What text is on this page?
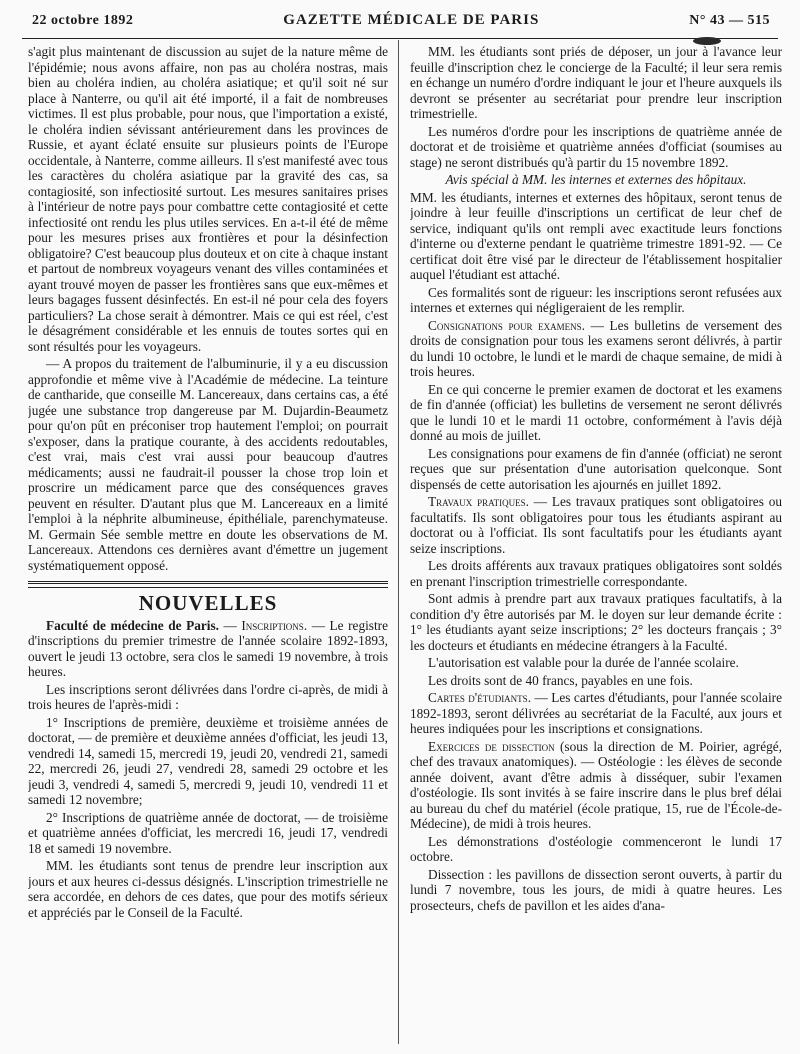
22 octobre 1892	GAZETTE MÉDICALE DE PARIS	N° 43 — 515

s'agit plus maintenant de discussion au sujet de la nature même de l'épidémie; nous avons affaire, non pas au choléra nostras, mais bien au choléra indien, au choléra asiatique; et qu'il soit né sur place à Nanterre, ou qu'il ait été importé, il a fait de nombreuses victimes. Il est plus probable, pour nous, que l'importation a existé, le choléra indien sévissant antérieurement dans les provinces de Russie, et ayant éclaté ensuite sur plusieurs points de l'Europe occidentale, à Nanterre, comme ailleurs. Il s'est manifesté avec tous les caractères du choléra asiatique par la gravité des cas, sa contagiosité, son infectiosité surtout. Les mesures sanitaires prises à l'intérieur de notre pays pour combattre cette contagiosité et cette infectiosité ont rendu les plus utiles services. En a-t-il été de même pour les mesures prises aux frontières et pour la désinfection obligatoire? C'est beaucoup plus douteux et on cite à chaque instant et partout de nombreux voyageurs venant des villes contaminées et ayant trouvé moyen de passer les frontières sans que eux-mêmes et leurs bagages fussent désinfectés. En est-il né pour cela des foyers particuliers? La chose serait à démontrer. Mais ce qui est réel, c'est le désagrément considérable et les ennuis de toutes sortes qui en sont résultés pour les voyageurs.

— A propos du traitement de l'albuminurie, il y a eu discussion approfondie et même vive à l'Académie de médecine. La teinture de cantharide, que conseille M. Lancereaux, dans certains cas, a été jugée une substance trop dangereuse par M. Dujardin-Beaumetz pour qu'on pût en préconiser trop hautement l'emploi; on pourrait s'exposer, dans la pratique courante, à des accidents redoutables, c'est vrai, mais c'est vrai aussi pour beaucoup d'autres médicaments; aussi ne faudrait-il pousser la chose trop loin et proscrire un médicament parce que des conséquences graves peuvent en résulter. D'autant plus que M. Lancereaux en a limité l'emploi à la néphrite albumineuse, épithéliale, parenchymateuse. M. Germain Sée semble mettre en doute les observations de M. Lancereaux. Attendons ces dernières avant d'émettre un jugement systématiquement opposé.

NOUVELLES

Faculté de médecine de Paris. — Inscriptions. — Le registre d'inscriptions du premier trimestre de l'année scolaire 1892-1893, ouvert le jeudi 13 octobre, sera clos le samedi 19 novembre, à trois heures.

Les inscriptions seront délivrées dans l'ordre ci-après, de midi à trois heures de l'après-midi :

1° Inscriptions de première, deuxième et troisième années de doctorat, — de première et deuxième années d'officiat, les jeudi 13, vendredi 14, samedi 15, mercredi 19, jeudi 20, vendredi 21, samedi 22, mercredi 26, jeudi 27, vendredi 28, samedi 29 octobre et les jeudi 3, vendredi 4, samedi 5, mercredi 9, jeudi 10, vendredi 11 et samedi 12 novembre;

2° Inscriptions de quatrième année de doctorat, — de troisième et quatrième années d'officiat, les mercredi 16, jeudi 17, vendredi 18 et samedi 19 novembre.

MM. les étudiants sont tenus de prendre leur inscription aux jours et aux heures ci-dessus désignés. L'inscription trimestrielle ne sera accordée, en dehors de ces dates, que pour des motifs sérieux et appréciés par le Conseil de la Faculté.

MM. les étudiants sont priés de déposer, un jour à l'avance leur feuille d'inscription chez le concierge de la Faculté; il leur sera remis en échange un numéro d'ordre indiquant le jour et l'heure auxquels ils devront se présenter au secrétariat pour prendre leur inscription trimestrielle.

Les numéros d'ordre pour les inscriptions de quatrième année de doctorat et de troisième et quatrième années d'officiat (soumises au stage) ne seront distribués qu'à partir du 15 novembre 1892.

Avis spécial à MM. les internes et externes des hôpitaux.

MM. les étudiants, internes et externes des hôpitaux, seront tenus de joindre à leur feuille d'inscriptions un certificat de leur chef de service, indiquant qu'ils ont rempli avec exactitude leurs fonctions d'interne ou d'externe pendant le quatrième trimestre 1891-92. — Ce certificat doit être visé par le directeur de l'établissement hospitalier auquel l'étudiant est attaché.

Ces formalités sont de rigueur: les inscriptions seront refusées aux internes et externes qui négligeraient de les remplir.

Consignations pour examens. — Les bulletins de versement des droits de consignation pour tous les examens seront délivrés, à partir du lundi 10 octobre, le lundi et le mardi de chaque semaine, de midi à trois heures.

En ce qui concerne le premier examen de doctorat et les examens de fin d'année (officiat) les bulletins de versement ne seront délivrés que le lundi 10 et le mardi 11 octobre, conformément à l'avis déjà donné au mois de juillet.

Les consignations pour examens de fin d'année (officiat) ne seront reçues que sur présentation d'une autorisation quelconque. Sont dispensés de cette autorisation les ajournés en juillet 1892.

Travaux pratiques. — Les travaux pratiques sont obligatoires ou facultatifs. Ils sont obligatoires pour tous les étudiants aspirant au doctorat ou à l'officiat. Ils sont facultatifs pour les étudiants ayant seize inscriptions.

Les droits afférents aux travaux pratiques obligatoires sont soldés en prenant l'inscription trimestrielle correspondante.

Sont admis à prendre part aux travaux pratiques facultatifs, à la condition d'y être autorisés par M. le doyen sur leur demande écrite : 1° les étudiants ayant seize inscriptions; 2° les docteurs français ; 3° les docteurs et étudiants en médecine étrangers à la Faculté.

L'autorisation est valable pour la durée de l'année scolaire.

Les droits sont de 40 francs, payables en une fois.

Cartes d'étudiants. — Les cartes d'étudiants, pour l'année scolaire 1892-1893, seront délivrées au secrétariat de la Faculté, aux jours et heures indiquées pour les inscriptions et consignations.

Exercices de dissection (sous la direction de M. Poirier, agrégé, chef des travaux anatomiques). — Ostéologie : les élèves de seconde année doivent, avant d'être admis à disséquer, subir l'examen d'ostéologie. Ils sont invités à se faire inscrire dans le plus bref délai au bureau du chef du matériel (école pratique, 15, rue de l'École-de-Médecine), de midi à trois heures.

Les démonstrations d'ostéologie commenceront le lundi 17 octobre.

Dissection : les pavillons de dissection seront ouverts, à partir du lundi 7 novembre, tous les jours, de midi à quatre heures. Les prosecteurs, chefs de pavillon et les aides d'ana-
